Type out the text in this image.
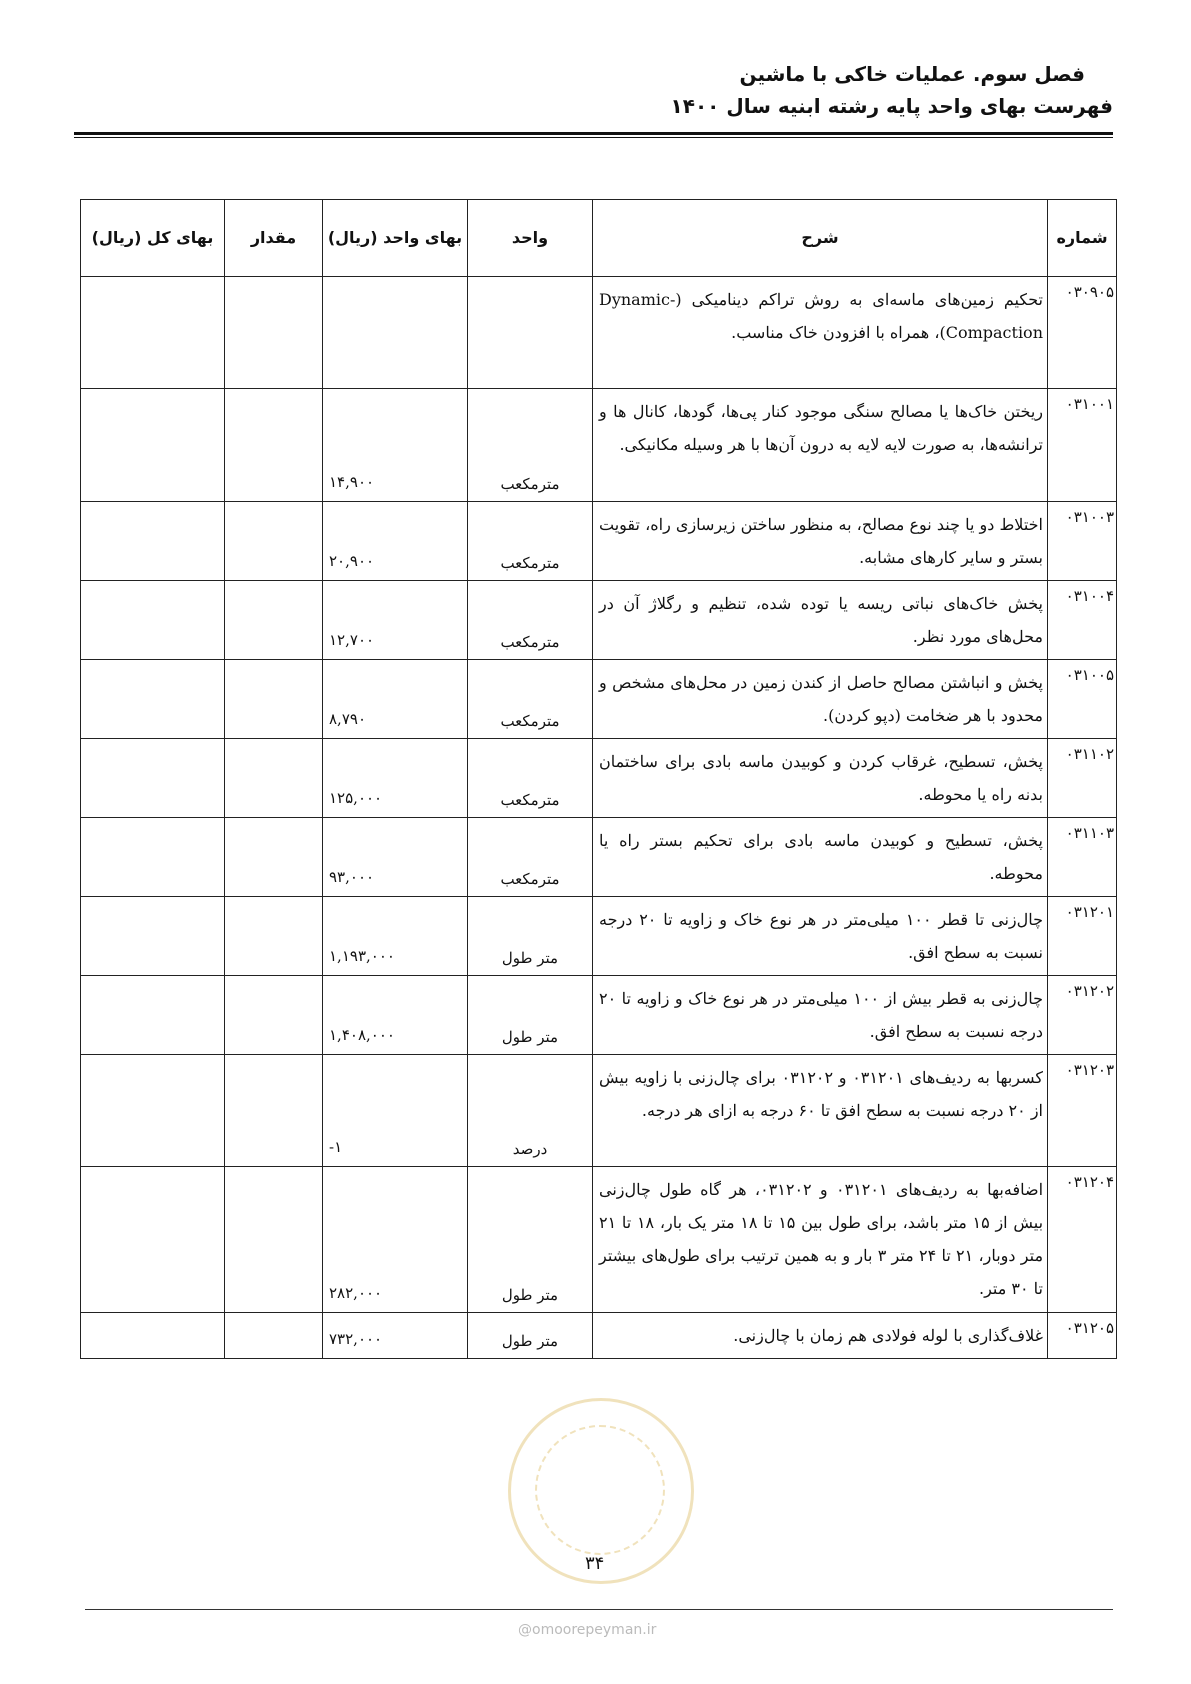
فصل سوم. عملیات خاکی با ماشین
فهرست بهای واحد پایه رشته ابنیه سال ۱۴۰۰
شماره	شرح	واحد	بهای واحد (ریال)	مقدار	بهای کل (ریال)
۰۳۰۹۰۵	تحکیم زمین‌های ماسه‌ای به روش تراکم دینامیکی (Dynamic-Compaction)، همراه با افزودن خاک مناسب.				
۰۳۱۰۰۱	ریختن خاک‌ها یا مصالح سنگی موجود کنار پی‌ها، گودها، کانال ها و ترانشه‌ها، به صورت لایه لایه به درون آن‌ها با هر وسیله مکانیکی.	مترمکعب	۱۴,۹۰۰		
۰۳۱۰۰۳	اختلاط دو یا چند نوع مصالح، به منظور ساختن زیرسازی راه، تقویت بستر و سایر کارهای مشابه.	مترمکعب	۲۰,۹۰۰		
۰۳۱۰۰۴	پخش خاک‌های نباتی ریسه یا توده شده، تنظیم و رگلاژ آن در محل‌های مورد نظر.	مترمکعب	۱۲,۷۰۰		
۰۳۱۰۰۵	پخش و انباشتن مصالح حاصل از کندن زمین در محل‌های مشخص و محدود با هر ضخامت (دپو کردن).	مترمکعب	۸,۷۹۰		
۰۳۱۱۰۲	پخش، تسطیح، غرقاب کردن و کوبیدن ماسه بادی برای ساختمان بدنه راه یا محوطه.	مترمکعب	۱۲۵,۰۰۰		
۰۳۱۱۰۳	پخش، تسطیح و کوبیدن ماسه بادی برای تحکیم بستر راه یا محوطه.	مترمکعب	۹۳,۰۰۰		
۰۳۱۲۰۱	چال‌زنی تا قطر ۱۰۰ میلی‌متر در هر نوع خاک و زاویه تا ۲۰ درجه نسبت به سطح افق.	متر طول	۱,۱۹۳,۰۰۰		
۰۳۱۲۰۲	چال‌زنی به قطر بیش از ۱۰۰ میلی‌متر در هر نوع خاک و زاویه تا ۲۰ درجه نسبت به سطح افق.	متر طول	۱,۴۰۸,۰۰۰		
۰۳۱۲۰۳	کسربها به ردیف‌های ۰۳۱۲۰۱ و ۰۳۱۲۰۲ برای چال‌زنی با زاویه بیش از ۲۰ درجه نسبت به سطح افق تا ۶۰ درجه به ازای هر درجه.	درصد	-۱		
۰۳۱۲۰۴	اضافه‌بها به ردیف‌های ۰۳۱۲۰۱ و ۰۳۱۲۰۲، هر گاه طول چال‌زنی بیش از ۱۵ متر باشد، برای طول بین ۱۵ تا ۱۸ متر یک بار، ۱۸ تا ۲۱ متر دوبار، ۲۱ تا ۲۴ متر ۳ بار و به همین ترتیب برای طول‌های بیشتر تا ۳۰ متر.	متر طول	۲۸۲,۰۰۰		
۰۳۱۲۰۵	غلاف‌گذاری با لوله فولادی هم زمان با چال‌زنی.	متر طول	۷۳۲,۰۰۰		
۳۴
@omoorepeyman.ir
